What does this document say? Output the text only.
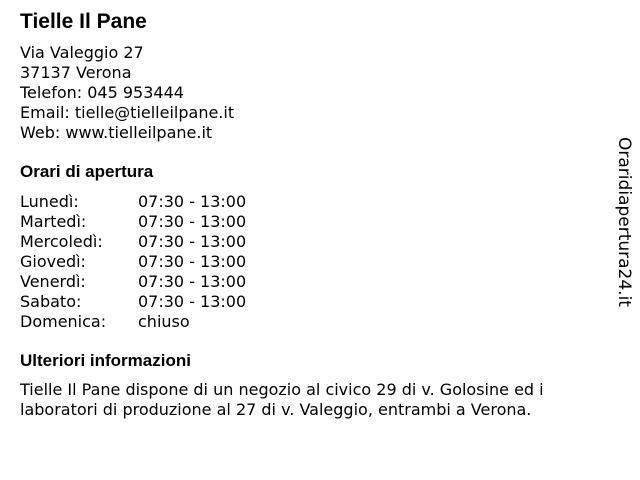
Tielle Il Pane
Via Valeggio 27
37137 Verona
Telefon: 045 953444
Email: tielle@tielleilpane.it
Web: www.tielleilpane.it
Orari di apertura
Lunedì:	07:30 - 13:00
Martedì:	07:30 - 13:00
Mercoledì:	07:30 - 13:00
Giovedì:	07:30 - 13:00
Venerdì:	07:30 - 13:00
Sabato:	07:30 - 13:00
Domenica:	chiuso
Ulteriori informazioni

Tielle Il Pane dispone di un negozio al civico 29 di v. Golosine ed i laboratori di produzione al 27 di v. Valeggio, entrambi a Verona.

Oraridiapertura24.it
